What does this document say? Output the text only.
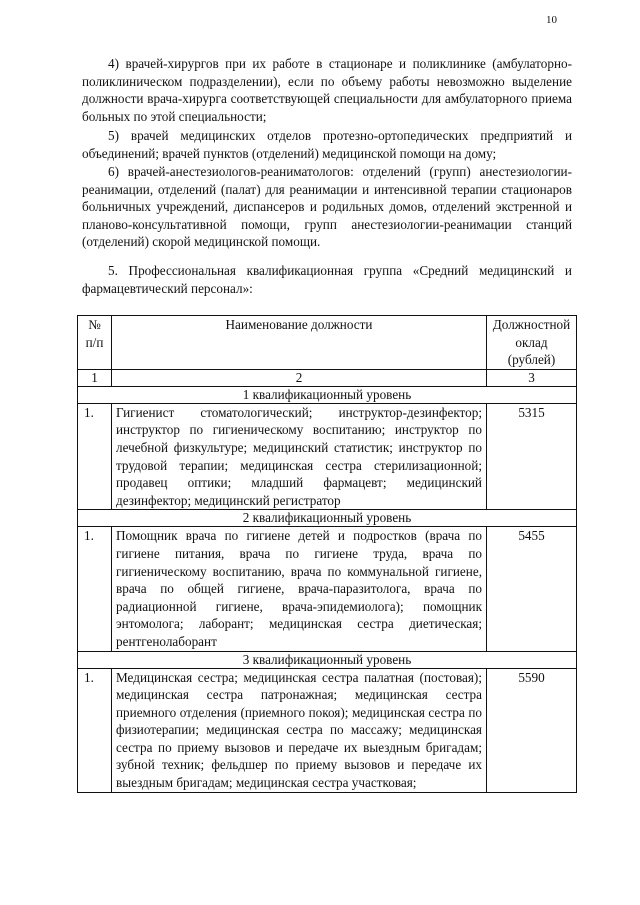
10

4) врачей-хирургов при их работе в стационаре и поликлинике (амбулаторно-поликлиническом подразделении), если по объему работы невозможно выделение должности врача-хирурга соответствующей специальности для амбулаторного приема больных по этой специальности;

5) врачей медицинских отделов протезно-ортопедических предприятий и объединений; врачей пунктов (отделений) медицинской помощи на дому;

6) врачей-анестезиологов-реаниматологов: отделений (групп) анестезиологии-реанимации, отделений (палат) для реанимации и интенсивной терапии стационаров больничных учреждений, диспансеров и родильных домов, отделений экстренной и планово-консультативной помощи, групп анестезиологии-реанимации станций (отделений) скорой медицинской помощи.

5. Профессиональная квалификационная группа «Средний медицинский и фармацевтический персонал»:

№ п/п	Наименование должности	Должностной оклад (рублей)
1	2	3
1 квалификационный уровень		
1.	Гигиенист стоматологический; инструктор-дезинфектор; инструктор по гигиеническому воспитанию; инструктор по лечебной физкультуре; медицинский статистик; инструктор по трудовой терапии; медицинская сестра стерилизационной; продавец оптики; младший фармацевт; медицинский дезинфектор; медицинский регистратор	5315
2 квалификационный уровень		
1.	Помощник врача по гигиене детей и подростков (врача по гигиене питания, врача по гигиене труда, врача по гигиеническому воспитанию, врача по коммунальной гигиене, врача по общей гигиене, врача-паразитолога, врача по радиационной гигиене, врача-эпидемиолога); помощник энтомолога; лаборант; медицинская сестра диетическая; рентгенолаборант	5455
3 квалификационный уровень		
1.	Медицинская сестра; медицинская сестра палатная (постовая); медицинская сестра патронажная; медицинская сестра приемного отделения (приемного покоя); медицинская сестра по физиотерапии; медицинская сестра по массажу; медицинская сестра по приему вызовов и передаче их выездным бригадам; зубной техник; фельдшер по приему вызовов и передаче их выездным бригадам; медицинская сестра участковая;	5590
